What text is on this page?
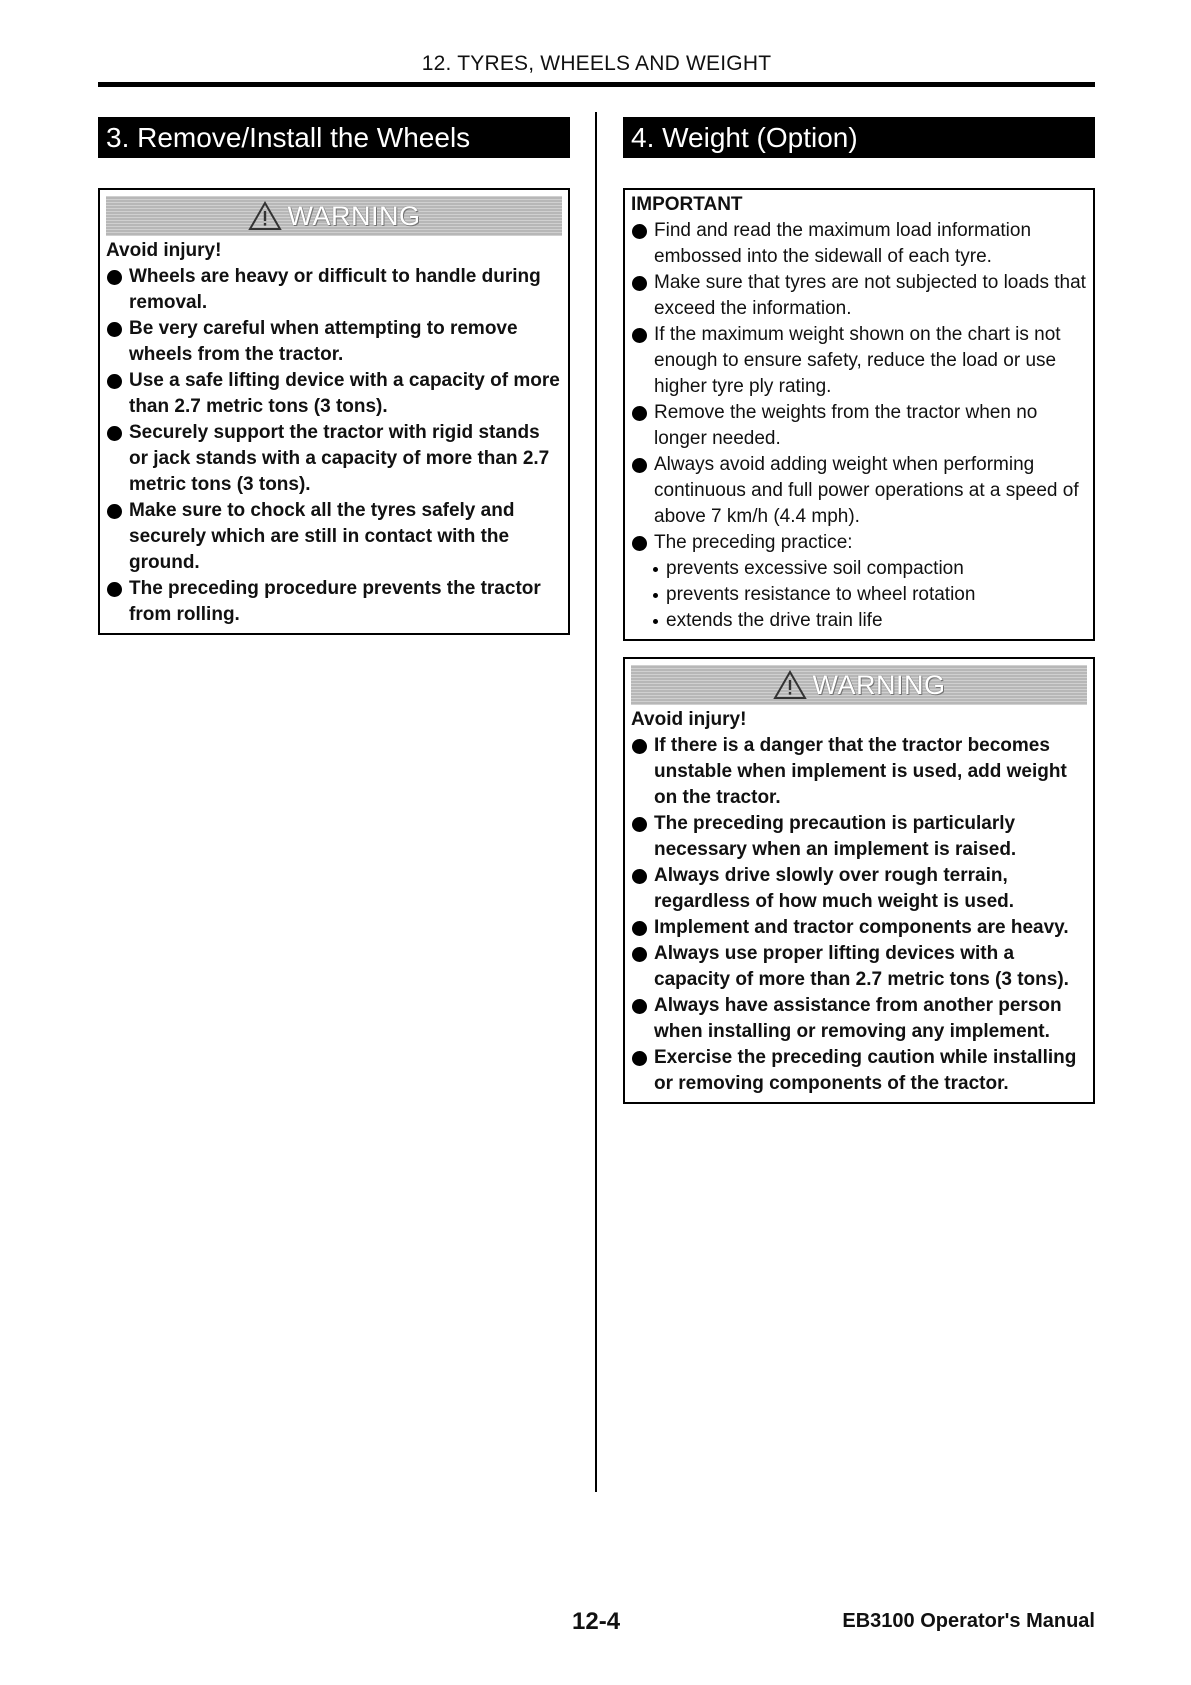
12. TYRES, WHEELS AND WEIGHT
3. Remove/Install the Wheels
WARNING
Avoid injury!
Wheels are heavy or difficult to handle during removal.
Be very careful when attempting to remove wheels from the tractor.
Use a safe lifting device with a capacity of more than 2.7 metric tons (3 tons).
Securely support the tractor with rigid stands or jack stands with a capacity of more than 2.7 metric tons (3 tons).
Make sure to chock all the tyres safely and securely which are still in contact with the ground.
The preceding procedure prevents the tractor from rolling.
4. Weight (Option)
IMPORTANT
Find and read the maximum load information embossed into the sidewall of each tyre.
Make sure that tyres are not subjected to loads that exceed the information.
If the maximum weight shown on the chart is not enough to ensure safety, reduce the load or use higher tyre ply rating.
Remove the weights from the tractor when no longer needed.
Always avoid adding weight when performing continuous and full power operations at a speed of above 7 km/h (4.4 mph).
The preceding practice:
prevents excessive soil compaction
prevents resistance to wheel rotation
extends the drive train life
WARNING
Avoid injury!
If there is a danger that the tractor becomes unstable when implement is used, add weight on the tractor.
The preceding precaution is particularly necessary when an implement is raised.
Always drive slowly over rough terrain, regardless of how much weight is used.
Implement and tractor components are heavy.
Always use proper lifting devices with a capacity of more than 2.7 metric tons (3 tons).
Always have assistance from another person when installing or removing any implement.
Exercise the preceding caution while installing or removing components of the tractor.
12-4	EB3100 Operator's Manual
